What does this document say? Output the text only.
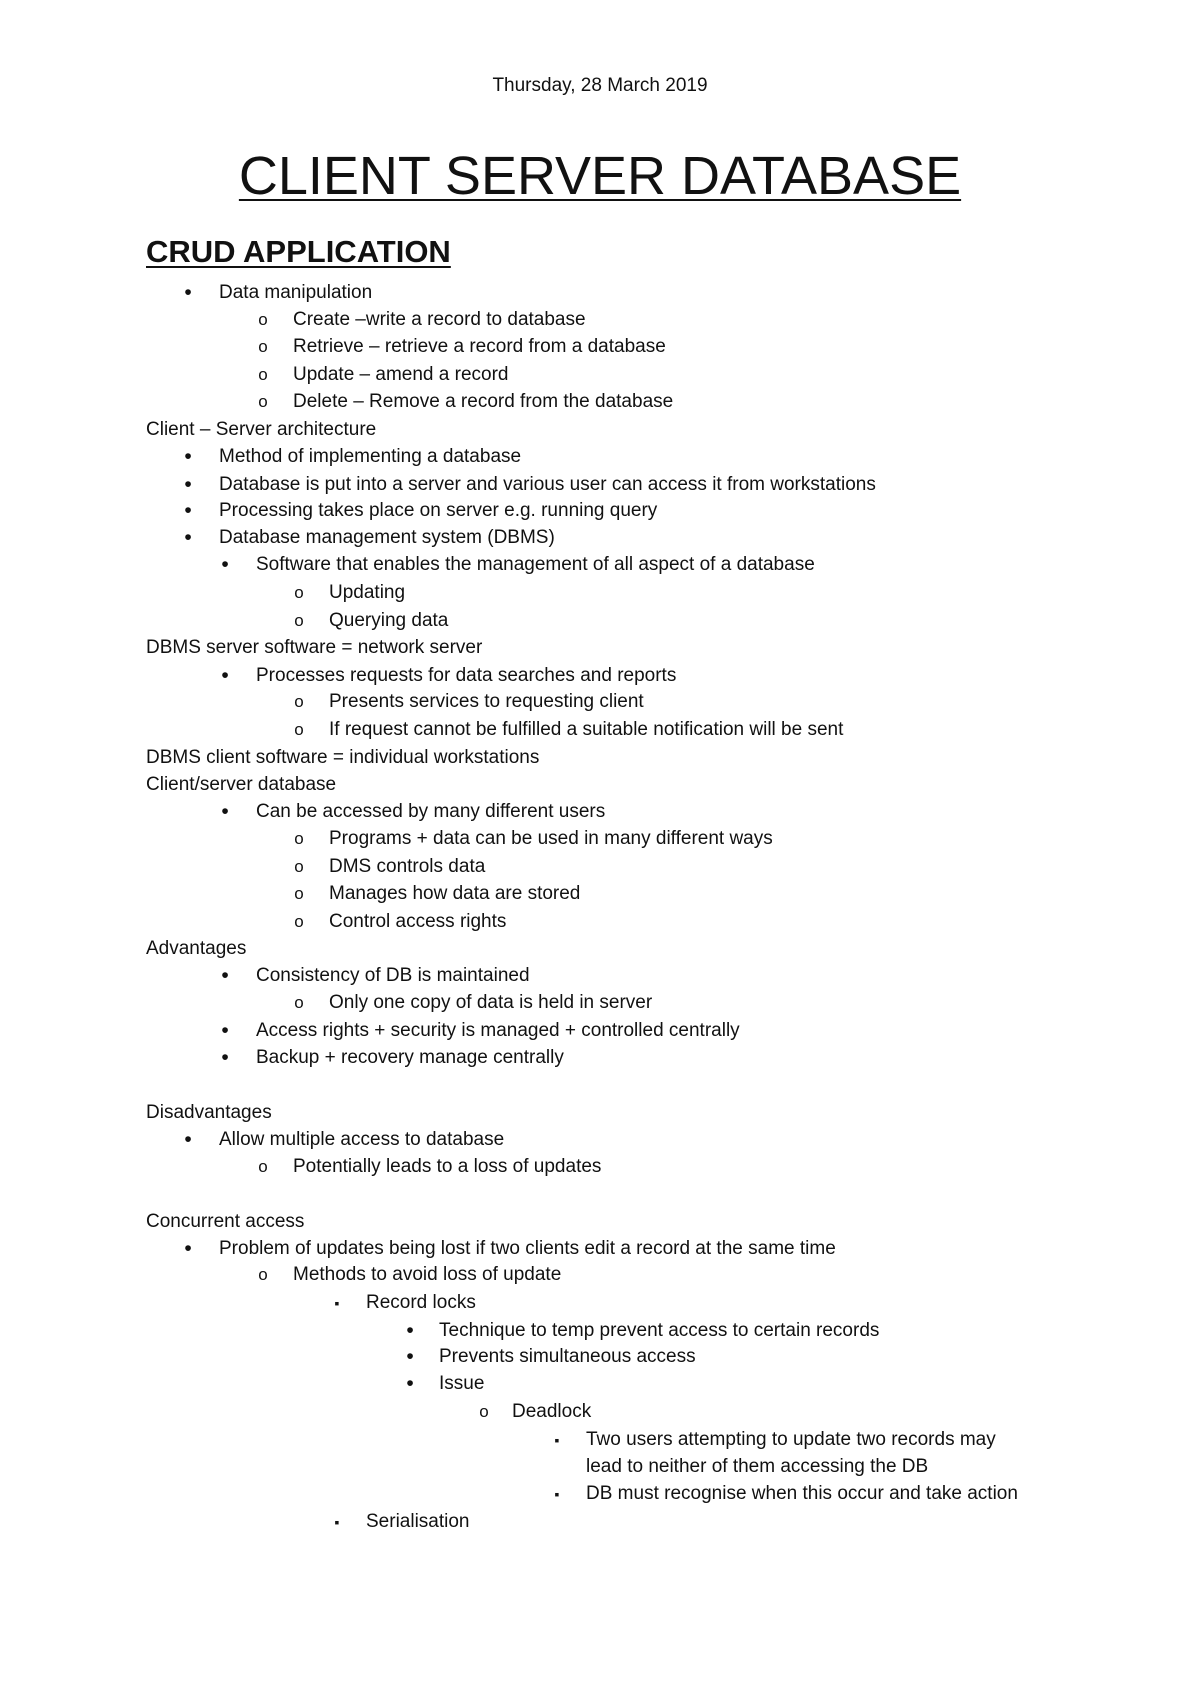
Thursday, 28 March 2019
CLIENT SERVER DATABASE
CRUD APPLICATION
•	Data manipulation
o Create –write a record to database
o Retrieve – retrieve a record from a database
o Update – amend a record
o Delete – Remove a record from the database
Client – Server architecture
•	Method of implementing a database
•	Database is put into a server and various user can access it from workstations
•	Processing takes place on server e.g. running query
•	Database management system (DBMS)
•	Software that enables the management of all aspect of a database
o Updating
o Querying data
DBMS server software = network server
•	Processes requests for data searches and reports
o Presents services to requesting client
o If request cannot be fulfilled a suitable notification will be sent
DBMS client software = individual workstations
Client/server database
•	Can be accessed by many different users
o Programs + data can be used in many different ways
o DMS controls data
o Manages how data are stored
o Control access rights
Advantages
•	Consistency of DB is maintained
o Only one copy of data is held in server
•	Access rights + security is managed + controlled centrally
•	Backup + recovery manage centrally
Disadvantages
•	Allow multiple access to database
o Potentially leads to a loss of updates
Concurrent access
•	Problem of updates being lost if two clients edit a record at the same time
o Methods to avoid loss of update
▪	Record locks
•	Technique to temp prevent access to certain records
•	Prevents simultaneous access
•	Issue
o Deadlock
▪	Two users attempting to update two records may
lead to neither of them accessing the DB
▪	DB must recognise when this occur and take action
▪	Serialisation
